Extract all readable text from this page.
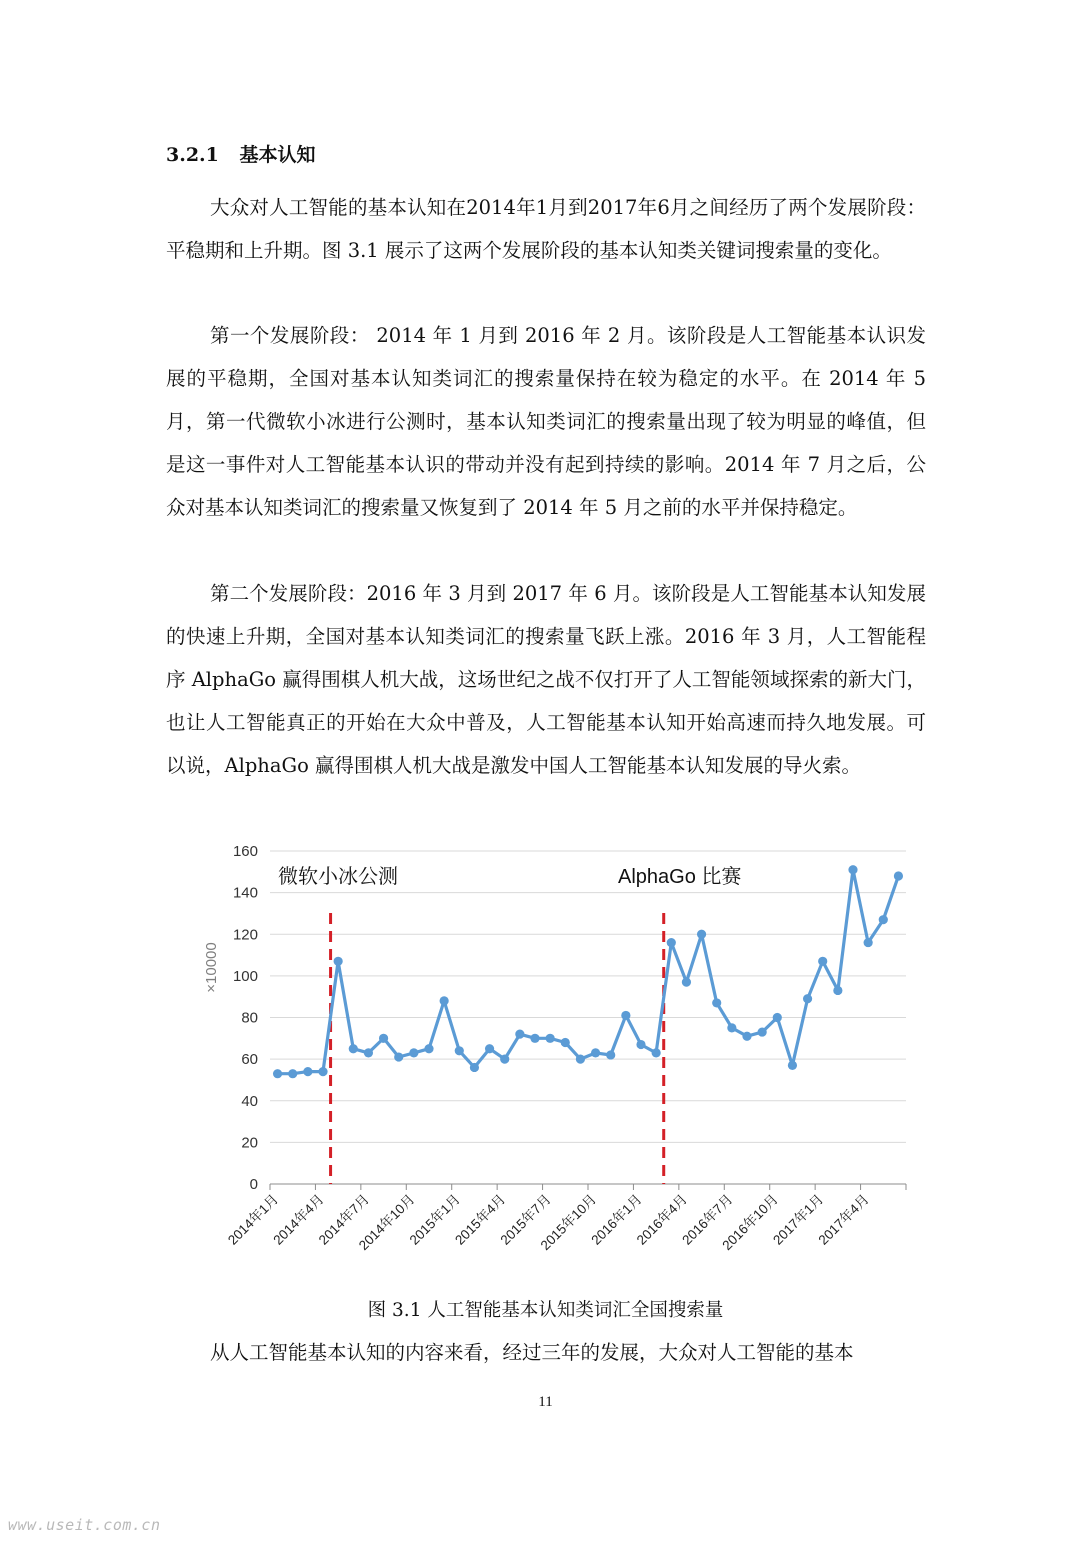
3.2.1 基本认知

大众对人工智能的基本认知在2014年1月到2017年6月之间经历了两个发展阶段：平稳期和上升期。图 3.1 展示了这两个发展阶段的基本认知类关键词搜索量的变化。

第一个发展阶段： 2014 年 1 月到 2016 年 2 月。该阶段是人工智能基本认识发展的平稳期，全国对基本认知类词汇的搜索量保持在较为稳定的水平。在 2014 年 5 月，第一代微软小冰进行公测时，基本认知类词汇的搜索量出现了较为明显的峰值，但是这一事件对人工智能基本认识的带动并没有起到持续的影响。2014 年 7 月之后，公众对基本认知类词汇的搜索量又恢复到了 2014 年 5 月之前的水平并保持稳定。

第二个发展阶段：2016 年 3 月到 2017 年 6 月。该阶段是人工智能基本认知发展的快速上升期，全国对基本认知类词汇的搜索量飞跃上涨。2016 年 3 月，人工智能程序 AlphaGo 赢得围棋人机大战，这场世纪之战不仅打开了人工智能领域探索的新大门，也让人工智能真正的开始在大众中普及，人工智能基本认知开始高速而持久地发展。可以说，AlphaGo 赢得围棋人机大战是激发中国人工智能基本认知发展的导火索。

0
20
40
60
80
100
120
140
160
×10000
2014年1月
2014年4月
2014年7月
2014年10月
2015年1月
2015年4月
2015年7月
2015年10月
2016年1月
2016年4月
2016年7月
2016年10月
2017年1月
2017年4月
微软小冰公测	AlphaGo 比赛
图 3.1 人工智能基本认知类词汇全国搜索量

从人工智能基本认知的内容来看，经过三年的发展，大众对人工智能的基本

11
www.useit.com.cn
